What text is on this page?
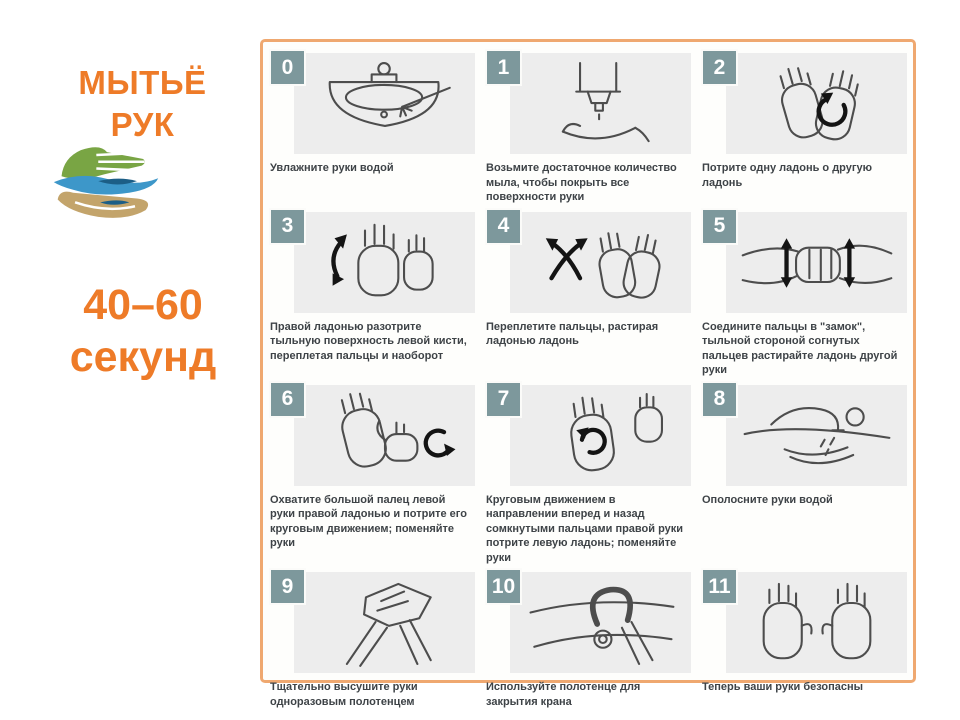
МЫТЬЁ
РУК
40–60
секунд
0
Увлажните руки водой
1
Возьмите достаточное количество мыла, чтобы покрыть все поверхности руки
2
Потрите одну ладонь о другую ладонь
3
Правой ладонью разотрите тыльную поверхность левой кисти, переплетая пальцы и наоборот
4
Переплетите пальцы, растирая ладонью ладонь
5
Соедините пальцы в "замок", тыльной стороной согнутых пальцев растирайте ладонь другой руки
6
Охватите большой палец левой руки правой ладонью и потрите его круговым движением; поменяйте руки
7
Круговым движением в направлении вперед и назад сомкнутыми пальцами правой руки потрите левую ладонь; поменяйте руки
8
Ополосните руки водой
9
Тщательно высушите руки одноразовым полотенцем
10
Используйте полотенце для закрытия крана
11
Теперь ваши руки безопасны
